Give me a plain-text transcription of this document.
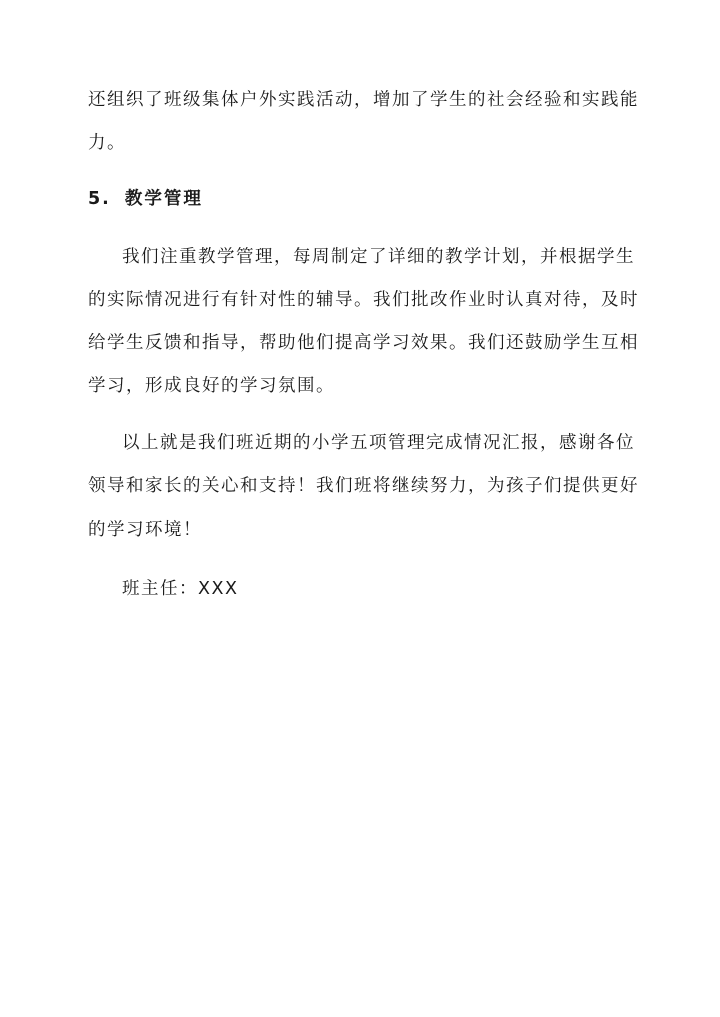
还组织了班级集体户外实践活动，增加了学生的社会经验和实践能
力。
5. 教学管理
我们注重教学管理，每周制定了详细的教学计划，并根据学生
的实际情况进行有针对性的辅导。我们批改作业时认真对待，及时
给学生反馈和指导，帮助他们提高学习效果。我们还鼓励学生互相
学习，形成良好的学习氛围。
以上就是我们班近期的小学五项管理完成情况汇报，感谢各位
领导和家长的关心和支持！我们班将继续努力，为孩子们提供更好
的学习环境！
班主任：XXX
